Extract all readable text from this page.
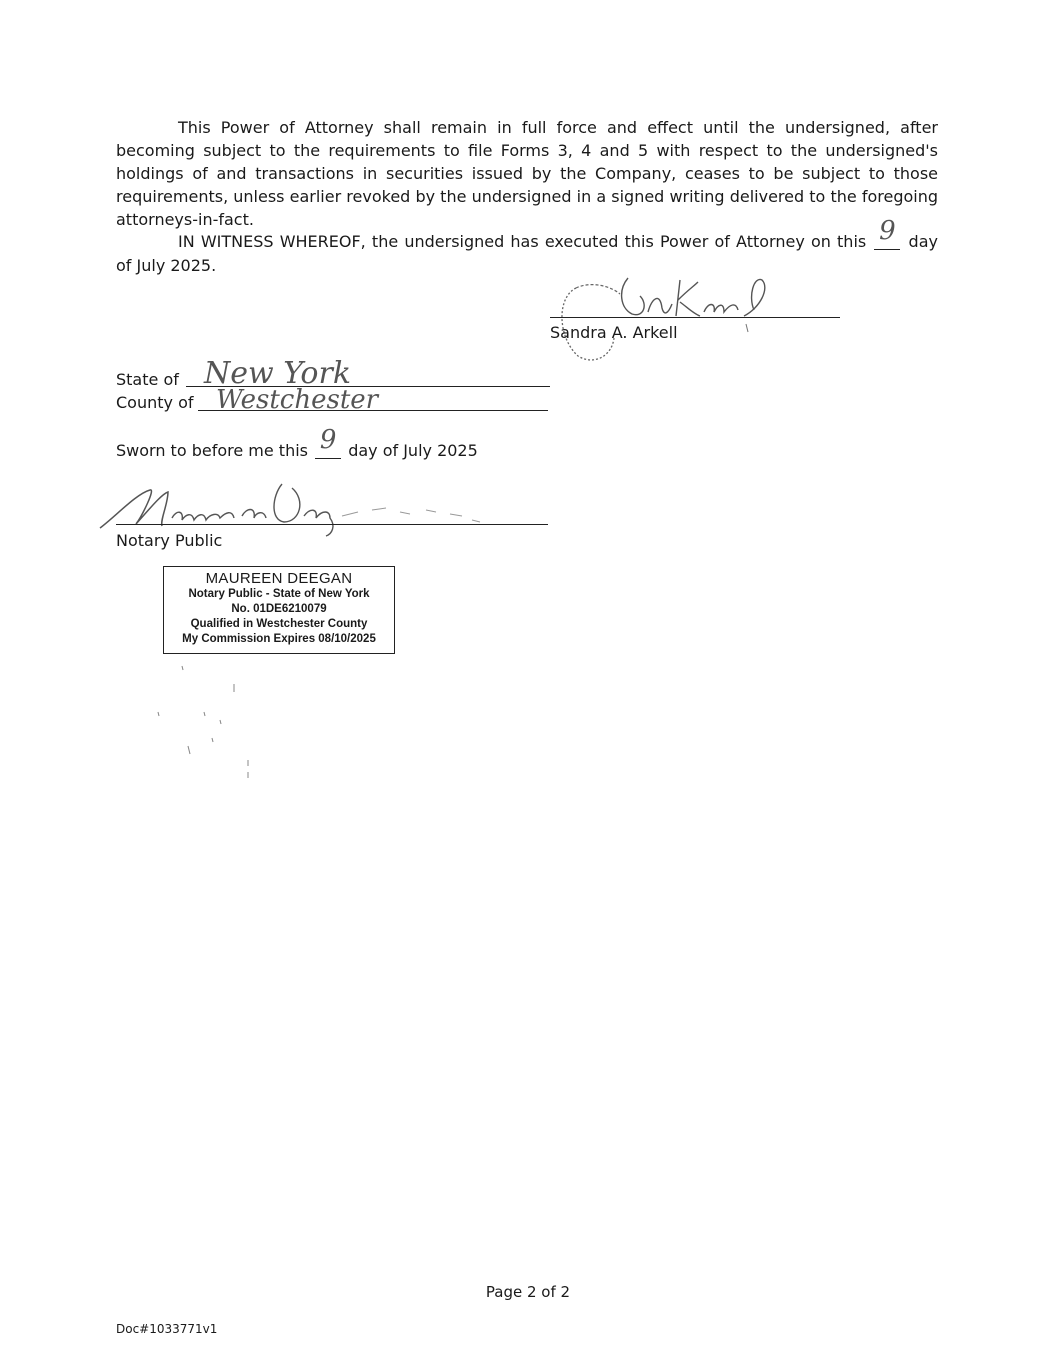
This Power of Attorney shall remain in full force and effect until the undersigned, after becoming subject to the requirements to file Forms 3, 4 and 5 with respect to the undersigned's holdings of and transactions in securities issued by the Company, ceases to be subject to those requirements, unless earlier revoked by the undersigned in a signed writing delivered to the foregoing attorneys-in-fact.

IN WITNESS WHEREOF, the undersigned has executed this Power of Attorney on this 9 day of July 2025.

Sandra A. Arkell
State of New York
County of Westchester
Sworn to before me this 9 day of July 2025
Notary Public
MAUREEN DEEGAN
Notary Public - State of New York
No. 01DE6210079
Qualified in Westchester County
My Commission Expires 08/10/2025
Page 2 of 2
Doc#1033771v1
